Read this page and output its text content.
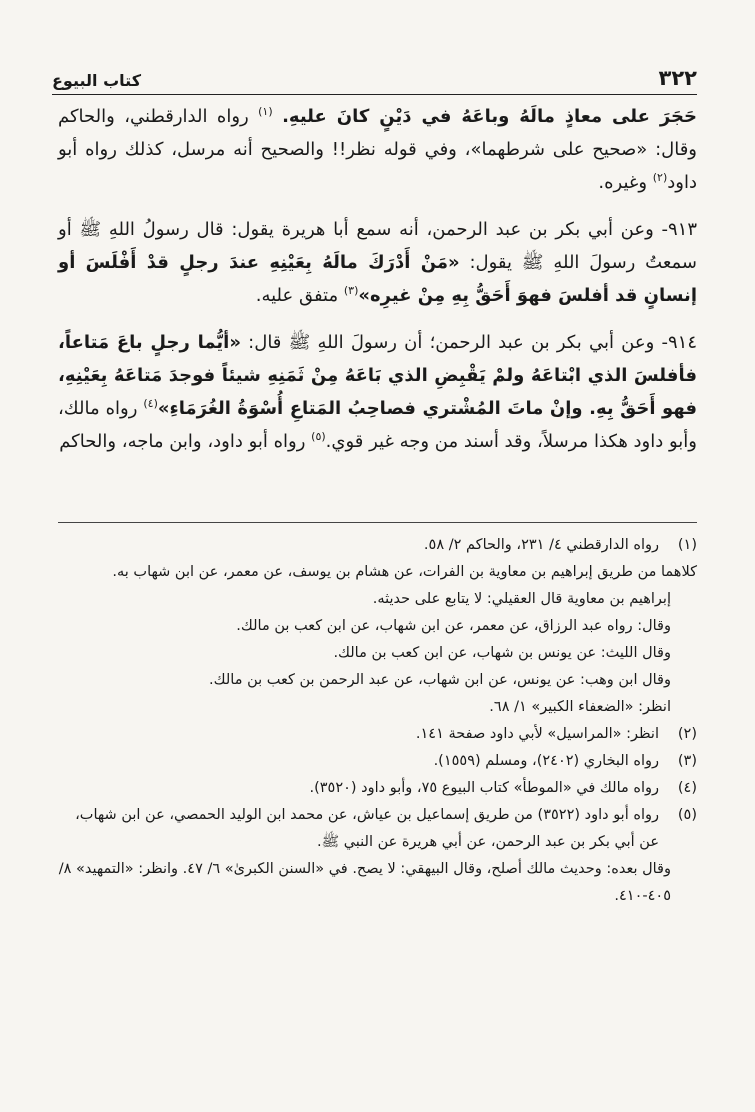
٣٢٢
كتاب البيوع

حَجَرَ على معاذٍ مالَهُ وباعَهُ في دَيْنٍ كانَ عليهِ. $^{(١)}$ رواه الدارقطني، والحاكم وقال: «صحيح على شرطهما»، وفي قوله نظر!! والصحيح أنه مرسل، كذلك رواه أبو داود$^{(٢)}$ وغيره.

٩١٣- وعن أبي بكر بن عبد الرحمن، أنه سمع أبا هريرة يقول: قال رسولُ اللهِ ﷺ أو سمعتُ رسولَ اللهِ ﷺ يقول: «مَنْ أَدْرَكَ مالَهُ بِعَيْنِهِ عندَ رجلٍ قدْ أَفْلَسَ أو إنسانٍ قد أفلسَ فهوَ أَحَقُّ بِهِ مِنْ غيرِه»$^{(٣)}$ متفق عليه.

٩١٤- وعن أبي بكر بن عبد الرحمن؛ أن رسولَ اللهِ ﷺ قال: «أيُّما رجلٍ باعَ مَتاعاً، فأفلسَ الذي ابْتاعَهُ ولمْ يَقْبِضِ الذي بَاعَهُ مِنْ ثَمَنِهِ شيئاً فوجدَ مَتاعَهُ بِعَيْنِهِ، فهو أَحَقُّ بِهِ. وإنْ ماتَ المُشْتري فصاحِبُ المَتاعِ أُسْوَةُ الغُرَمَاءِ»$^{(٤)}$ رواه مالك، وأبو داود هكذا مرسلاً، وقد أسند من وجه غير قوي.$^{(٥)}$ رواه أبو داود، وابن ماجه، والحاكم

(١)
رواه الدارقطني ٤/ ٢٣١، والحاكم ٢/ ٥٨.
كلاهما من طريق إبراهيم بن معاوية بن الفرات، عن هشام بن يوسف، عن معمر، عن ابن شهاب به.
إبراهيم بن معاوية قال العقيلي: لا يتابع على حديثه.
وقال: رواه عبد الرزاق، عن معمر، عن ابن شهاب، عن ابن كعب بن مالك.
وقال الليث: عن يونس بن شهاب، عن ابن كعب بن مالك.
وقال ابن وهب: عن يونس، عن ابن شهاب، عن عبد الرحمن بن كعب بن مالك.
انظر: «الضعفاء الكبير» ١/ ٦٨.
(٢)
انظر: «المراسيل» لأبي داود صفحة ١٤١.
(٣)
رواه البخاري (٢٤٠٢)، ومسلم (١٥٥٩).
(٤)
رواه مالك في «الموطأ» كتاب البيوع ٧٥، وأبو داود (٣٥٢٠).
(٥)
رواه أبو داود (٣٥٢٢) من طريق إسماعيل بن عياش، عن محمد ابن الوليد الحمصي، عن ابن شهاب، عن أبي بكر بن عبد الرحمن، عن أبي هريرة عن النبي ﷺ.
وقال بعده: وحديث مالك أصلح، وقال البيهقي: لا يصح. في «السنن الكبرىٰ» ٦/ ٤٧. وانظر: «التمهيد» ٨/ ٤٠٥-٤١٠.
